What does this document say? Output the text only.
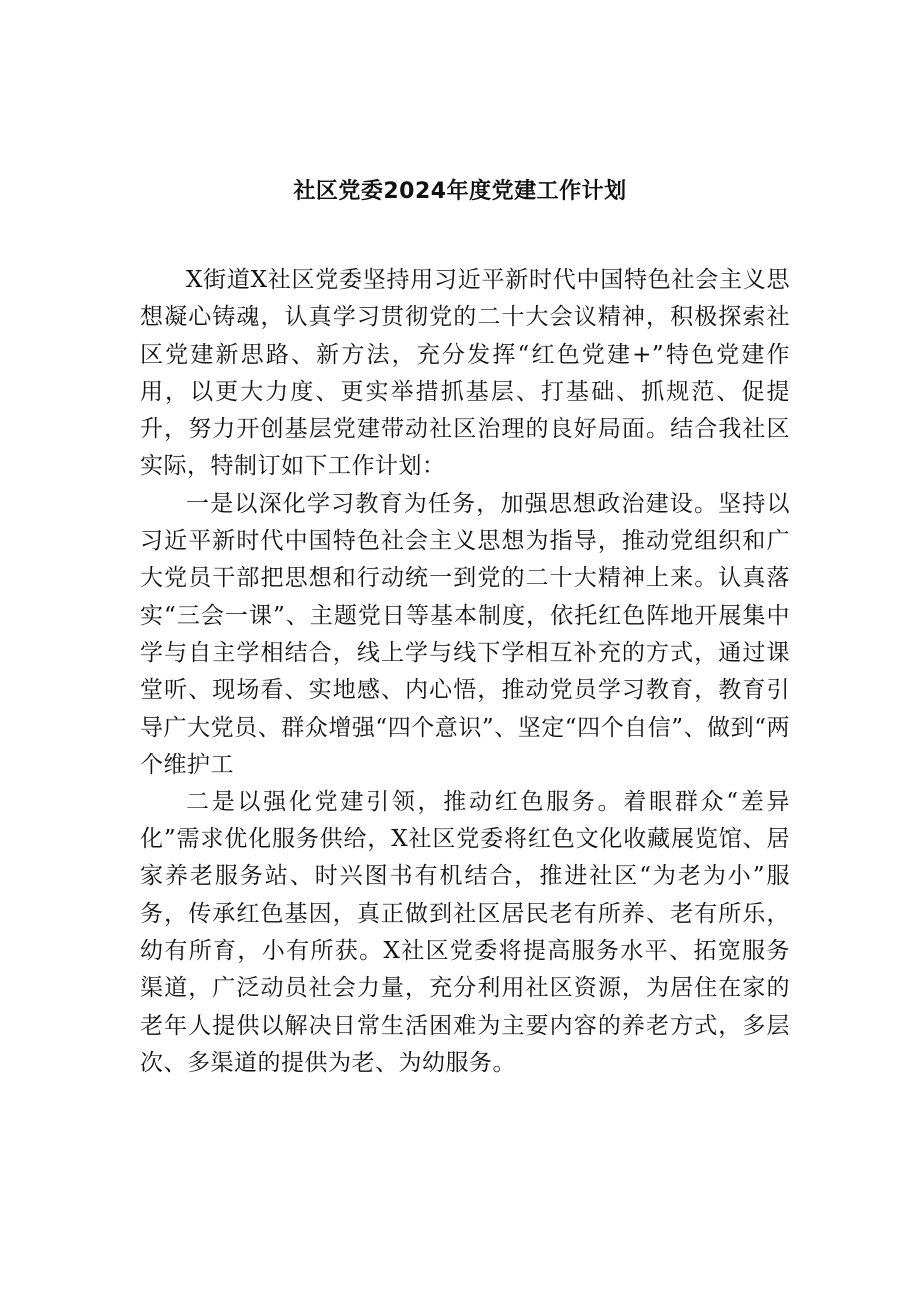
社区党委2024年度党建工作计划

X街道X社区党委坚持用习近平新时代中国特色社会主义思想凝心铸魂，认真学习贯彻党的二十大会议精神，积极探索社区党建新思路、新方法，充分发挥“红色党建+”特色党建作用，以更大力度、更实举措抓基层、打基础、抓规范、促提升，努力开创基层党建带动社区治理的良好局面。结合我社区实际，特制订如下工作计划：

一是以深化学习教育为任务，加强思想政治建设。坚持以习近平新时代中国特色社会主义思想为指导，推动党组织和广大党员干部把思想和行动统一到党的二十大精神上来。认真落实“三会一课”、主题党日等基本制度，依托红色阵地开展集中学与自主学相结合，线上学与线下学相互补充的方式，通过课堂听、现场看、实地感、内心悟，推动党员学习教育，教育引导广大党员、群众增强“四个意识”、坚定“四个自信”、做到“两个维护工

二是以强化党建引领，推动红色服务。着眼群众“差异化”需求优化服务供给，X社区党委将红色文化收藏展览馆、居家养老服务站、时兴图书有机结合，推进社区“为老为小”服务，传承红色基因，真正做到社区居民老有所养、老有所乐，幼有所育，小有所获。X社区党委将提高服务水平、拓宽服务渠道，广泛动员社会力量，充分利用社区资源，为居住在家的老年人提供以解决日常生活困难为主要内容的养老方式，多层次、多渠道的提供为老、为幼服务。
